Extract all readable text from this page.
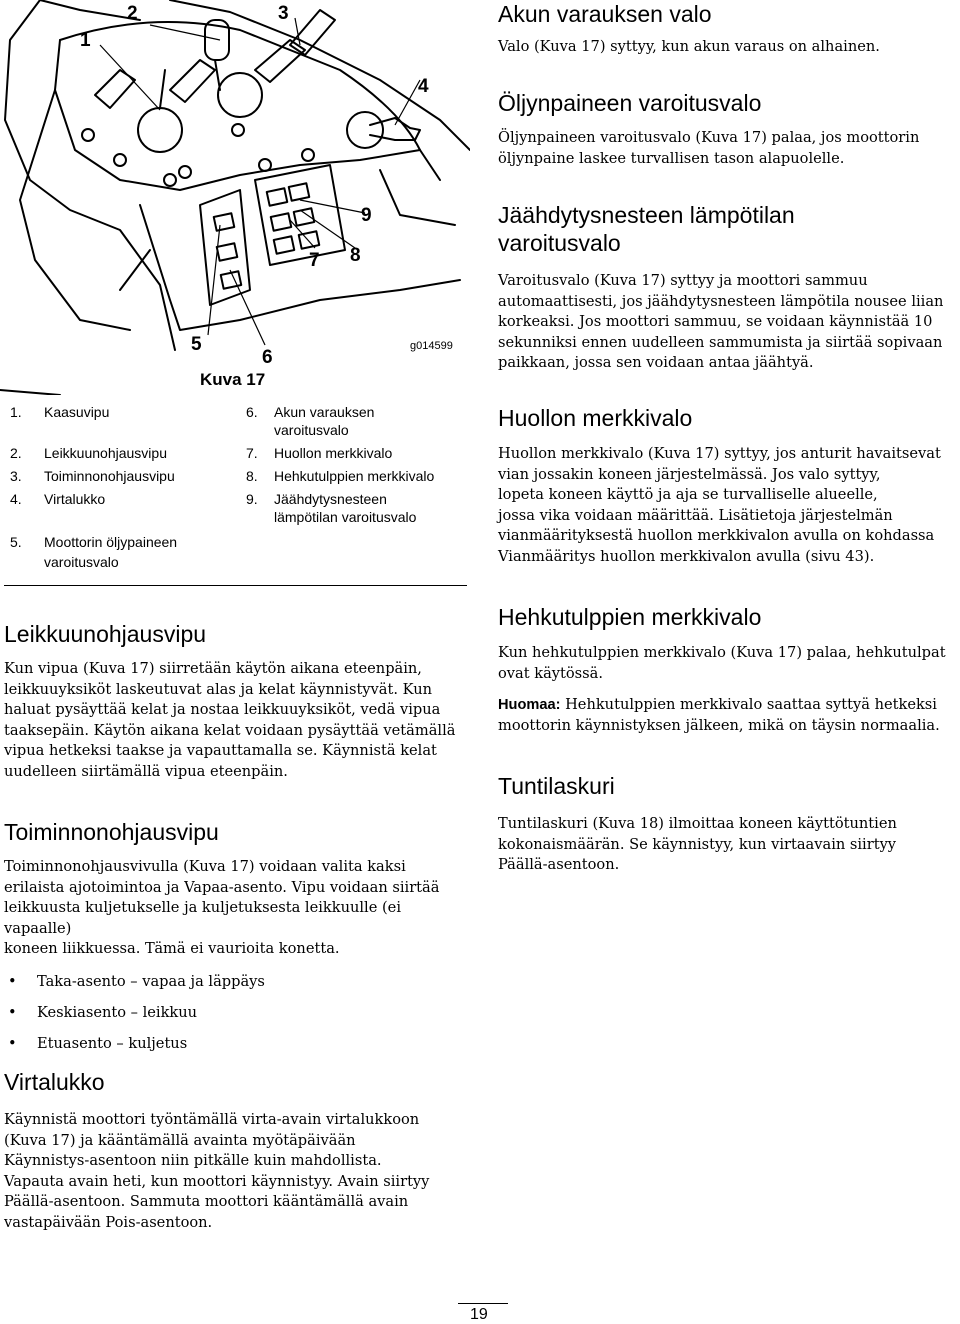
1
2	3
4
5
6
7 8
9
g014599
Kuva 17
1. Kaasuvipu
2. Leikkuunohjausvipu
3. Toiminnonohjausvipu
4. Virtalukko
5. Moottorin öljypaineen
varoitusvalo
6. Akun varauksen
varoitusvalo
7. Huollon merkkivalo
8. Hehkutulppien merkkivalo
9. Jäähdytysnesteen
lämpötilan varoitusvalo
Leikkuunohjausvipu

Kun vipua (Kuva 17) siirretään käytön aikana eteenpäin,

leikkuuyksiköt laskeutuvat alas ja kelat käynnistyvät. Kun

haluat pysäyttää kelat ja nostaa leikkuuyksiköt, vedä vipua

taaksepäin. Käytön aikana kelat voidaan pysäyttää vetämällä

vipua hetkeksi taakse ja vapauttamalla se. Käynnistä kelat

uudelleen siirtämällä vipua eteenpäin.

Toiminnonohjausvipu

Toiminnonohjausvivulla (Kuva 17) voidaan valita kaksi

erilaista ajotoimintoa ja Vapaa-asento. Vipu voidaan siirtää

leikkuusta kuljetukselle ja kuljetuksesta leikkuulle (ei vapaalle)

koneen liikkuessa. Tämä ei vaurioita konetta.

• Taka-asento – vapaa ja läppäys
• Keskiasento – leikkuu
• Etuasento – kuljetus
Virtalukko

Käynnistä moottori työntämällä virta-avain virtalukkoon

(Kuva 17) ja kääntämällä avainta myötäpäivään

Käynnistys-asentoon niin pitkälle kuin mahdollista.

Vapauta avain heti, kun moottori käynnistyy. Avain siirtyy

Päällä-asentoon. Sammuta moottori kääntämällä avain

vastapäivään Pois-asentoon.

Akun varauksen valo

Valo (Kuva 17) syttyy, kun akun varaus on alhainen.

Öljynpaineen varoitusvalo

Öljynpaineen varoitusvalo (Kuva 17) palaa, jos moottorin

öljynpaine laskee turvallisen tason alapuolelle.

Jäähdytysnesteen lämpötilan
varoitusvalo

Varoitusvalo (Kuva 17) syttyy ja moottori sammuu

automaattisesti, jos jäähdytysnesteen lämpötila nousee liian

korkeaksi. Jos moottori sammuu, se voidaan käynnistää 10

sekunniksi ennen uudelleen sammumista ja siirtää sopivaan

paikkaan, jossa sen voidaan antaa jäähtyä.

Huollon merkkivalo

Huollon merkkivalo (Kuva 17) syttyy, jos anturit havaitsevat

vian jossakin koneen järjestelmässä. Jos valo syttyy,

lopeta koneen käyttö ja aja se turvalliselle alueelle,

jossa vika voidaan määrittää. Lisätietoja järjestelmän

vianmäärityksestä huollon merkkivalon avulla on kohdassa

Vianmääritys huollon merkkivalon avulla (sivu 43).

Hehkutulppien merkkivalo

Kun hehkutulppien merkkivalo (Kuva 17) palaa, hehkutulpat

ovat käytössä.

Huomaa: Hehkutulppien merkkivalo saattaa syttyä hetkeksi

moottorin käynnistyksen jälkeen, mikä on täysin normaalia.

Tuntilaskuri

Tuntilaskuri (Kuva 18) ilmoittaa koneen käyttötuntien

kokonaismäärän. Se käynnistyy, kun virtaavain siirtyy

Päällä-asentoon.

19
